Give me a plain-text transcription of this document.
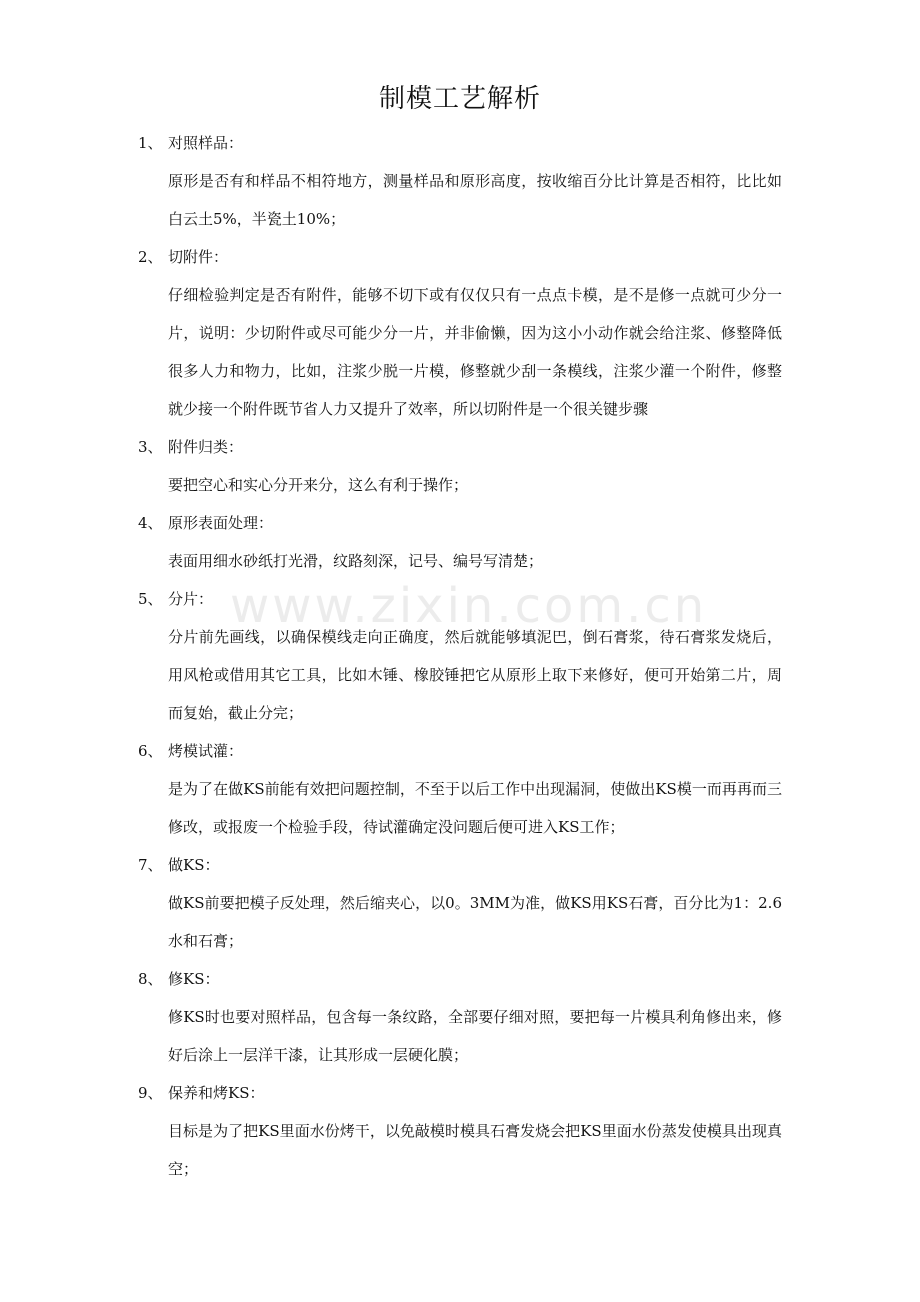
www.zixin.com.cn
制模工艺解析
1、 对照样品：
原形是否有和样品不相符地方，测量样品和原形高度，按收缩百分比计算是否相符，比比如白云土5%，半瓷土10%；
2、 切附件：
仔细检验判定是否有附件，能够不切下或有仅仅只有一点点卡模，是不是修一点就可少分一片，说明：少切附件或尽可能少分一片，并非偷懒，因为这小小动作就会给注浆、修整降低很多人力和物力，比如，注浆少脱一片模，修整就少刮一条模线，注浆少灌一个附件，修整就少接一个附件既节省人力又提升了效率，所以切附件是一个很关键步骤
3、 附件归类：
要把空心和实心分开来分，这么有利于操作；
4、 原形表面处理：
表面用细水砂纸打光滑，纹路刻深，记号、编号写清楚；
5、 分片：
分片前先画线，以确保模线走向正确度，然后就能够填泥巴，倒石膏浆，待石膏浆发烧后，用风枪或借用其它工具，比如木锤、橡胶锤把它从原形上取下来修好，便可开始第二片，周而复始，截止分完；
6、 烤模试灌：
是为了在做KS前能有效把问题控制，不至于以后工作中出现漏洞，使做出KS模一而再再而三修改，或报废一个检验手段，待试灌确定没问题后便可进入KS工作；
7、 做KS：
做KS前要把模子反处理，然后缩夹心，以0。3MM为准，做KS用KS石膏，百分比为1：2.6水和石膏；
8、 修KS：
修KS时也要对照样品，包含每一条纹路，全部要仔细对照，要把每一片模具利角修出来，修好后涂上一层洋干漆，让其形成一层硬化膜；
9、 保养和烤KS：
目标是为了把KS里面水份烤干，以免敲模时模具石膏发烧会把KS里面水份蒸发使模具出现真空；
